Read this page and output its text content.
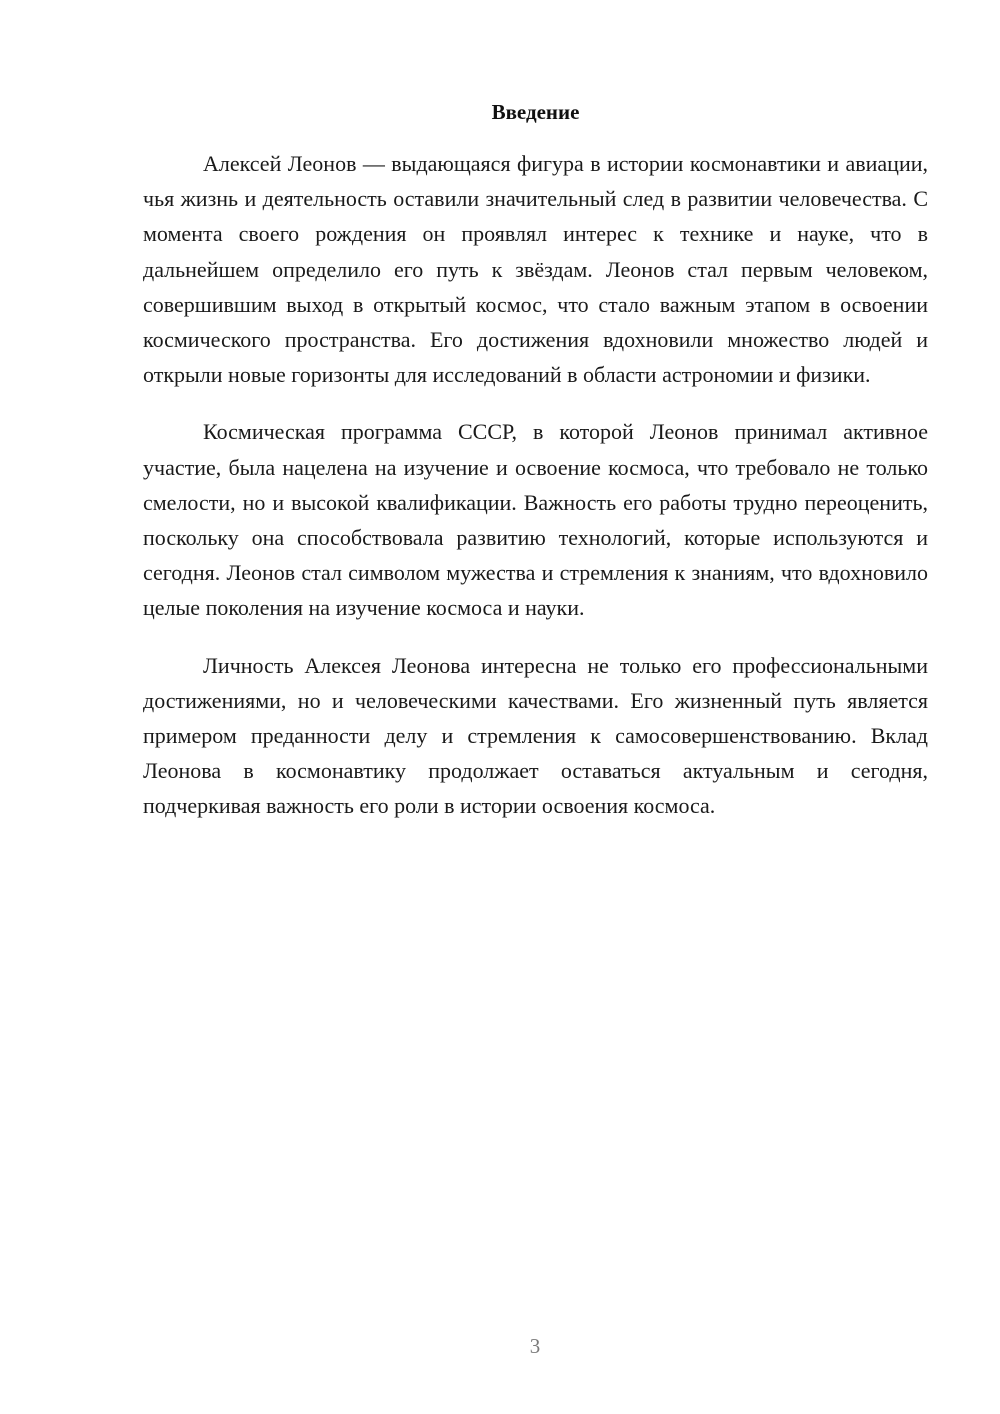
Введение

Алексей Леонов — выдающаяся фигура в истории космонавтики и авиации, чья жизнь и деятельность оставили значительный след в развитии человечества. С момента своего рождения он проявлял интерес к технике и науке, что в дальнейшем определило его путь к звёздам. Леонов стал первым человеком, совершившим выход в открытый космос, что стало важным этапом в освоении космического пространства. Его достижения вдохновили множество людей и открыли новые горизонты для исследований в области астрономии и физики.

Космическая программа СССР, в которой Леонов принимал активное участие, была нацелена на изучение и освоение космоса, что требовало не только смелости, но и высокой квалификации. Важность его работы трудно переоценить, поскольку она способствовала развитию технологий, которые используются и сегодня. Леонов стал символом мужества и стремления к знаниям, что вдохновило целые поколения на изучение космоса и науки.

Личность Алексея Леонова интересна не только его профессиональными достижениями, но и человеческими качествами. Его жизненный путь является примером преданности делу и стремления к самосовершенствованию. Вклад Леонова в космонавтику продолжает оставаться актуальным и сегодня, подчеркивая важность его роли в истории освоения космоса.

3
